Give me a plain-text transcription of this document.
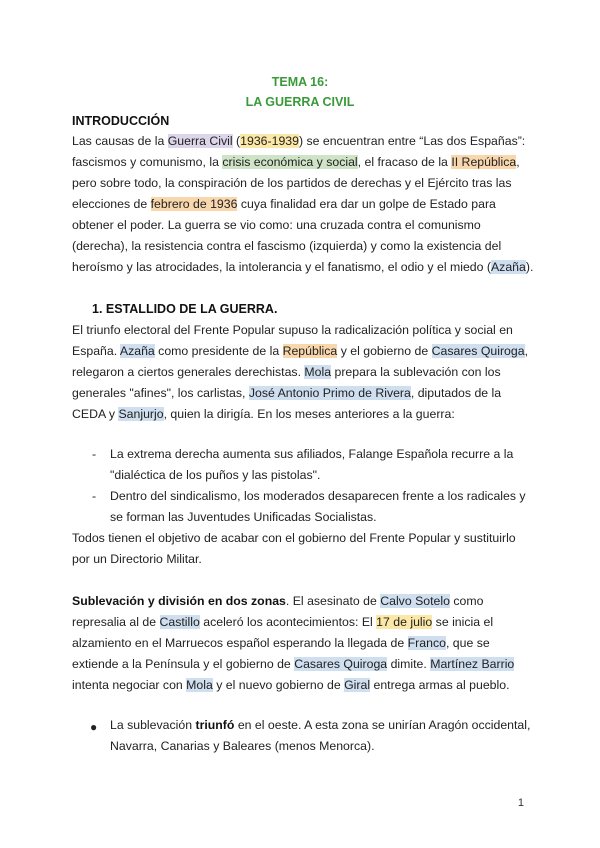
TEMA 16:
LA GUERRA CIVIL
INTRODUCCIÓN
Las causas de la Guerra Civil (1936-1939) se encuentran entre “Las dos Españas”:
fascismos y comunismo, la crisis económica y social, el fracaso de la II República,
pero sobre todo, la conspiración de los partidos de derechas y el Ejército tras las
elecciones de febrero de 1936 cuya finalidad era dar un golpe de Estado para
obtener el poder. La guerra se vio como: una cruzada contra el comunismo
(derecha), la resistencia contra el fascismo (izquierda) y como la existencia del
heroísmo y las atrocidades, la intolerancia y el fanatismo, el odio y el miedo (Azaña).
1. ESTALLIDO DE LA GUERRA.
El triunfo electoral del Frente Popular supuso la radicalización política y social en
España. Azaña como presidente de la República y el gobierno de Casares Quiroga,
relegaron a ciertos generales derechistas. Mola prepara la sublevación con los
generales "afines", los carlistas, José Antonio Primo de Rivera, diputados de la
CEDA y Sanjurjo, quien la dirigía. En los meses anteriores a la guerra:
- La extrema derecha aumenta sus afiliados, Falange Española recurre a la
"dialéctica de los puños y las pistolas".
- Dentro del sindicalismo, los moderados desaparecen frente a los radicales y
se forman las Juventudes Unificadas Socialistas.
Todos tienen el objetivo de acabar con el gobierno del Frente Popular y sustituirlo
por un Directorio Militar.
Sublevación y división en dos zonas. El asesinato de Calvo Sotelo como
represalia al de Castillo aceleró los acontecimientos: El 17 de julio se inicia el
alzamiento en el Marruecos español esperando la llegada de Franco, que se
extiende a la Península y el gobierno de Casares Quiroga dimite. Martínez Barrio
intenta negociar con Mola y el nuevo gobierno de Giral entrega armas al pueblo.
● La sublevación triunfó en el oeste. A esta zona se unirían Aragón occidental,
Navarra, Canarias y Baleares (menos Menorca).
1
